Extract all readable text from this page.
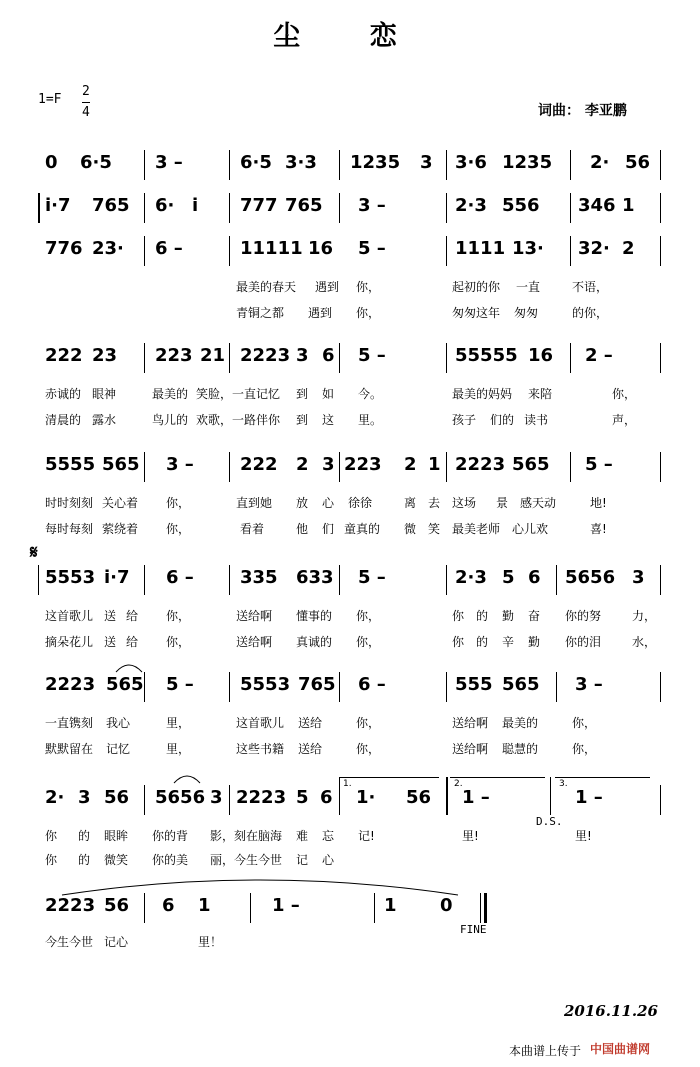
尘 恋
1=F
2
4	词曲： 李亚鹏
0 6·5 3 –	6·5 3·3 1235 3 3·6 1235 2· 56
i·7 765 6· i 777 765 3 –	2·3 556 346 1
776 23· 6 –	11111 16 5 –	1111 13· 32· 2
最美的春天 遇到 你，	起初的你 一直	不语，
青铜之都 遇到 你，	匆匆这年 匆匆	的你，
222 23 223 21 2223 3 6 5 –	55555 16 2 –
赤诚的 眼神	最美的 笑脸，一直记忆 到 如 今。	最美的妈妈 来陪	你，
清晨的 露水	鸟儿的 欢歌，一路伴你 到 这 里。	孩子 们的 读书	声，
5555 565 3 –	222 2 3 223 2 1 2223 565 5 –
时时刻刻 关心着 你，	直到她 放 心 徐徐	离 去 这场 景 感天动	地!
每时每刻 萦绕着 你，	看着	他 们 童真的 微 笑 最美老师 心儿欢	喜!
𝄋
5553 i·7 6 –	335 633 5 –	2·3 5 6 5656 3
这首歌儿 送 给 你，	送给啊 懂事的 你，	你 的 勤 奋 你的努	力，
摘朵花儿 送 给 你，	送给啊 真诚的 你，	你 的 辛 勤 你的泪	水，
2223 565 5 –	5553 765 6 –	555 565 3 –
一直镌刻 我心	里，	这首歌儿 送给	你，	送给啊 最美的	你，
默默留在 记忆	里，	这些书籍 送给	你，	送给啊 聪慧的	你，
1.	2.	3.
2· 3 56 5656 3 2223 5 6 1· 56 1 –	1 –
D.S.
你 的 眼眸 你的背 影，刻在脑海 难 忘 记!	里!	里!
你 的 微笑 你的美 丽，今生今世 记 心
2223 56 6 1	1 –	1 0
FINE
今生今世 记心	里！
2016.11.26
本曲谱上传于 中国曲谱网
